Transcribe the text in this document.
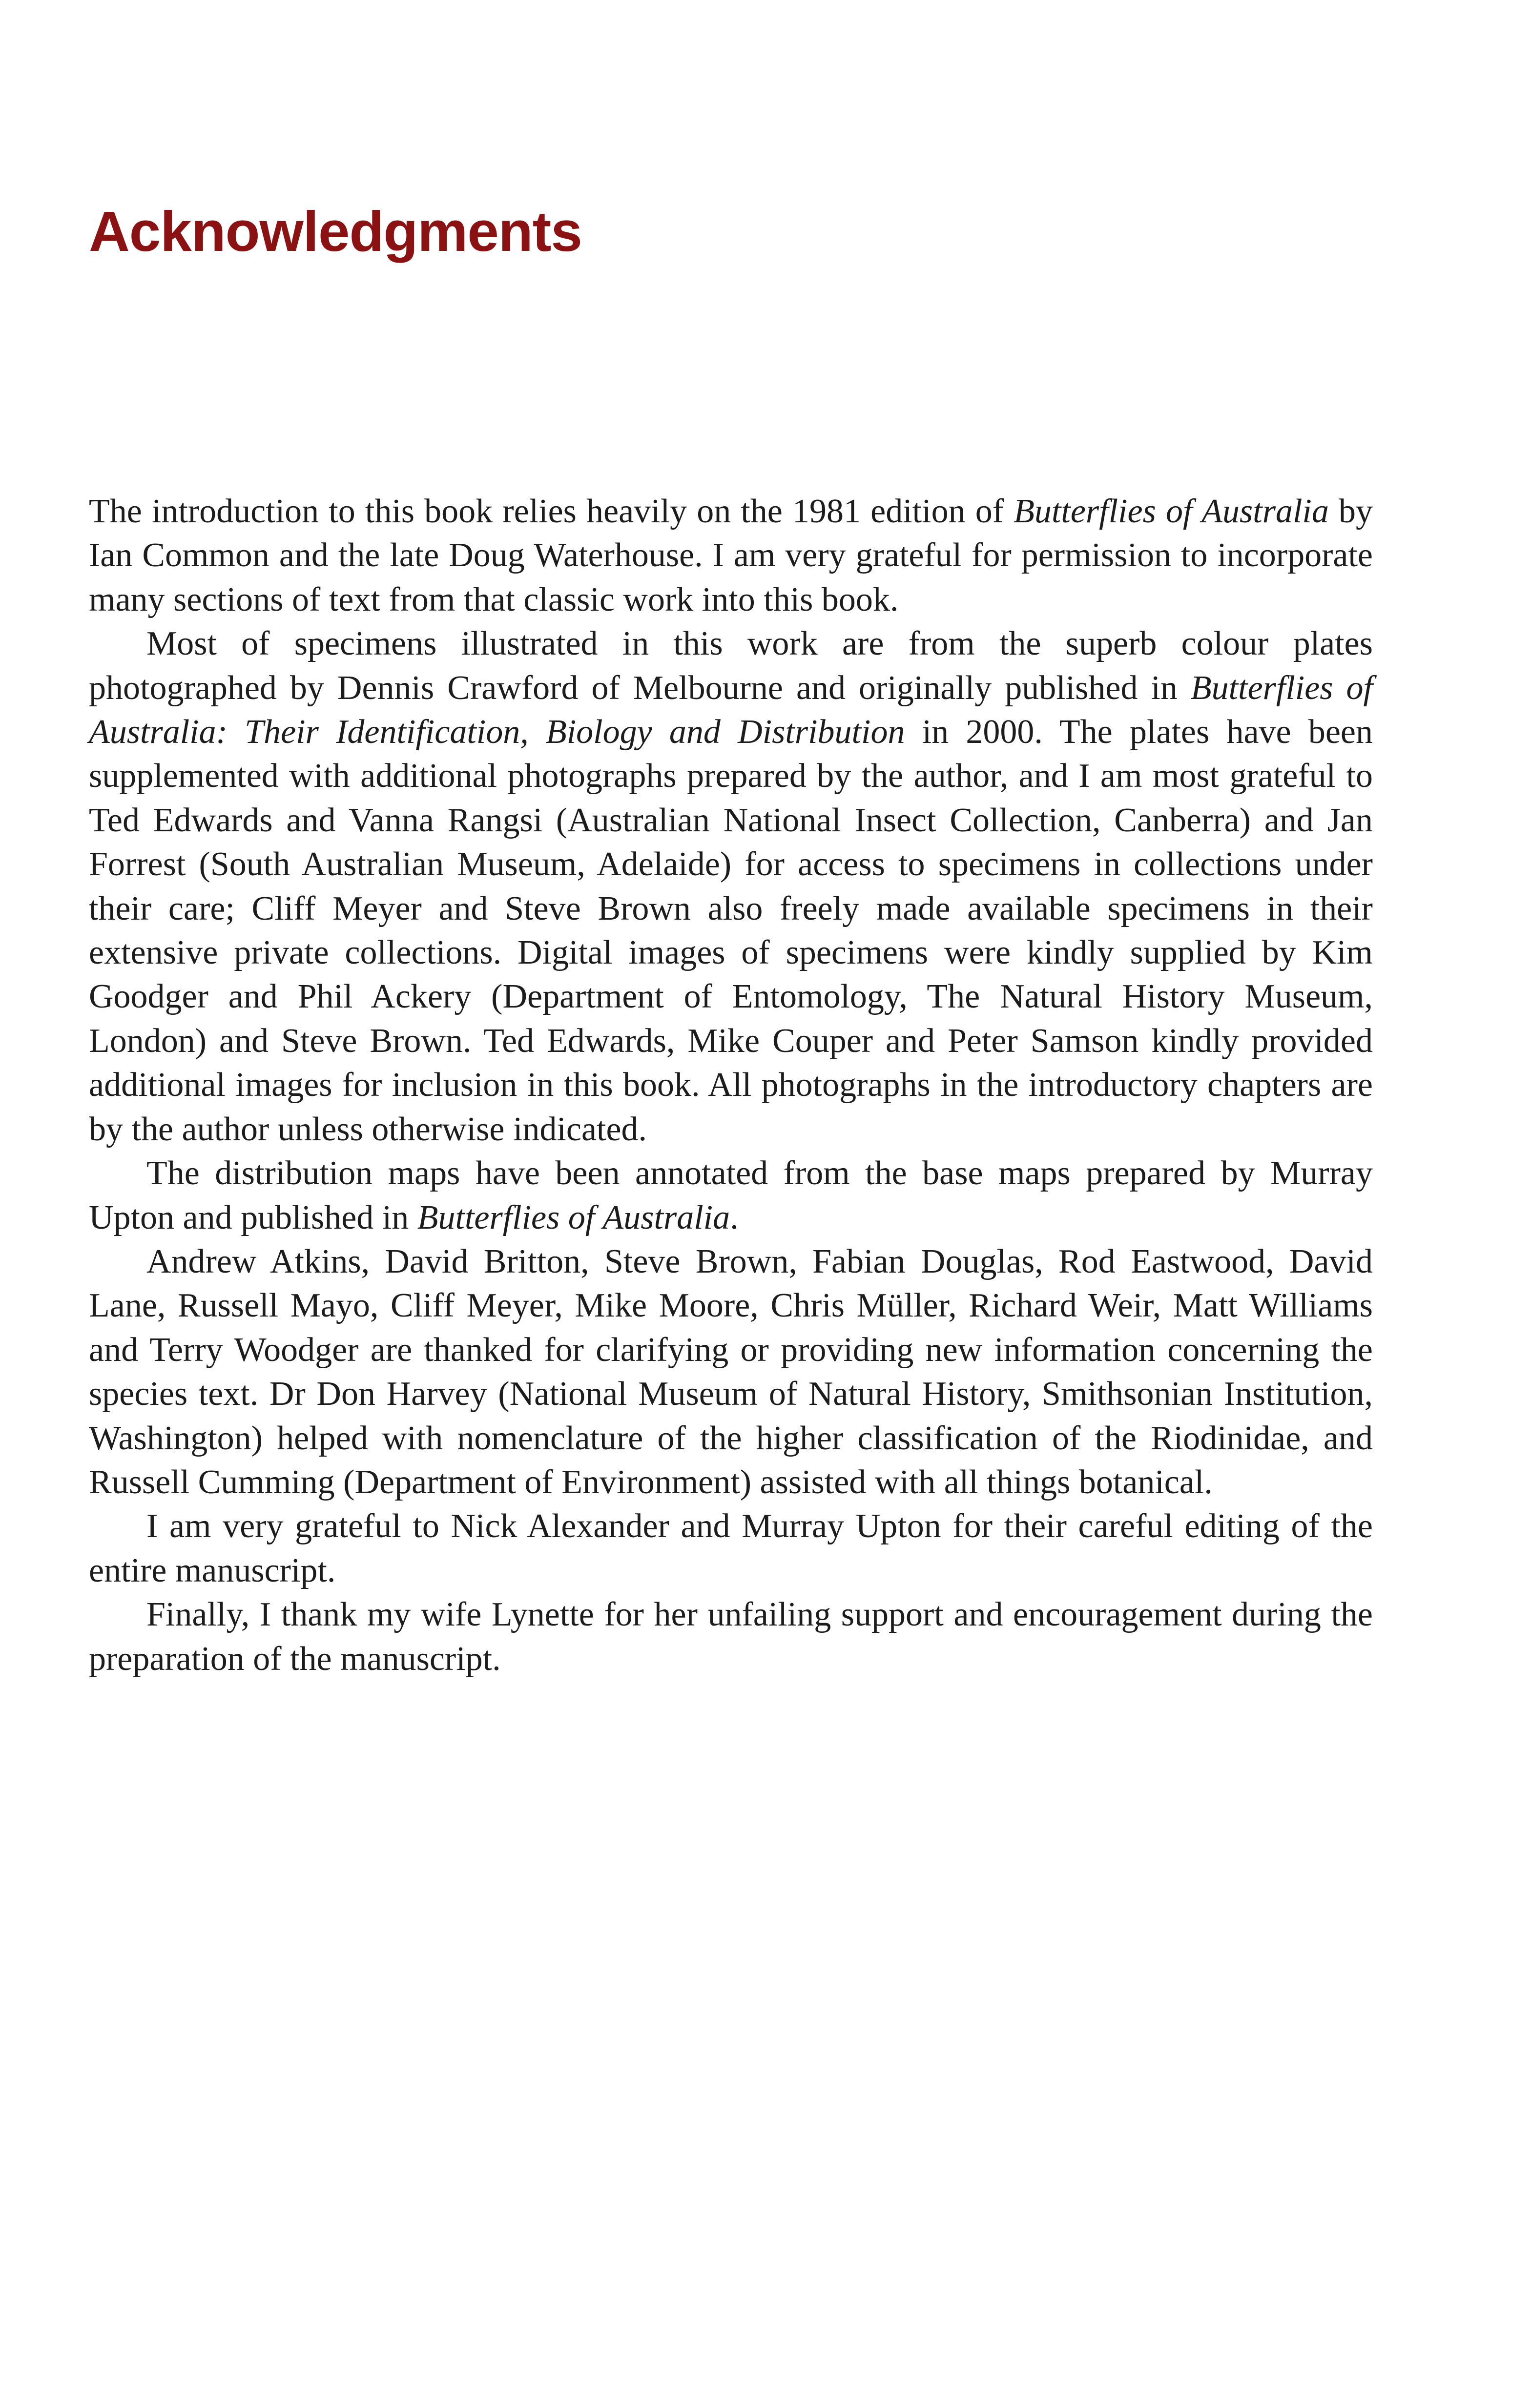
Acknowledgments

The introduction to this book relies heavily on the 1981 edition of Butterflies of Australia by Ian Common and the late Doug Waterhouse. I am very grateful for permission to incorporate many sections of text from that classic work into this book.

Most of specimens illustrated in this work are from the superb colour plates photographed by Dennis Crawford of Melbourne and originally published in Butterflies of Australia: Their Identification, Biology and Distribution in 2000. The plates have been supplemented with additional photographs prepared by the author, and I am most grateful to Ted Edwards and Vanna Rangsi (Australian National Insect Collection, Canberra) and Jan Forrest (South Australian Museum, Adelaide) for access to specimens in collections under their care; Cliff Meyer and Steve Brown also freely made available specimens in their extensive private collections. Digital images of specimens were kindly supplied by Kim Goodger and Phil Ackery (Department of Entomology, The Natural History Museum, London) and Steve Brown. Ted Edwards, Mike Couper and Peter Samson kindly provided additional images for inclusion in this book. All photographs in the introductory chapters are by the author unless otherwise indicated.

The distribution maps have been annotated from the base maps prepared by Murray Upton and published in Butterflies of Australia.

Andrew Atkins, David Britton, Steve Brown, Fabian Douglas, Rod Eastwood, David Lane, Russell Mayo, Cliff Meyer, Mike Moore, Chris Müller, Richard Weir, Matt Williams and Terry Woodger are thanked for clarifying or providing new information concerning the species text. Dr Don Harvey (National Museum of Natural History, Smithsonian Institution, Washington) helped with nomenclature of the higher classification of the Riodinidae, and Russell Cumming (Department of Environment) assisted with all things botanical.

I am very grateful to Nick Alexander and Murray Upton for their careful editing of the entire manuscript.

Finally, I thank my wife Lynette for her unfailing support and encouragement during the preparation of the manuscript.
